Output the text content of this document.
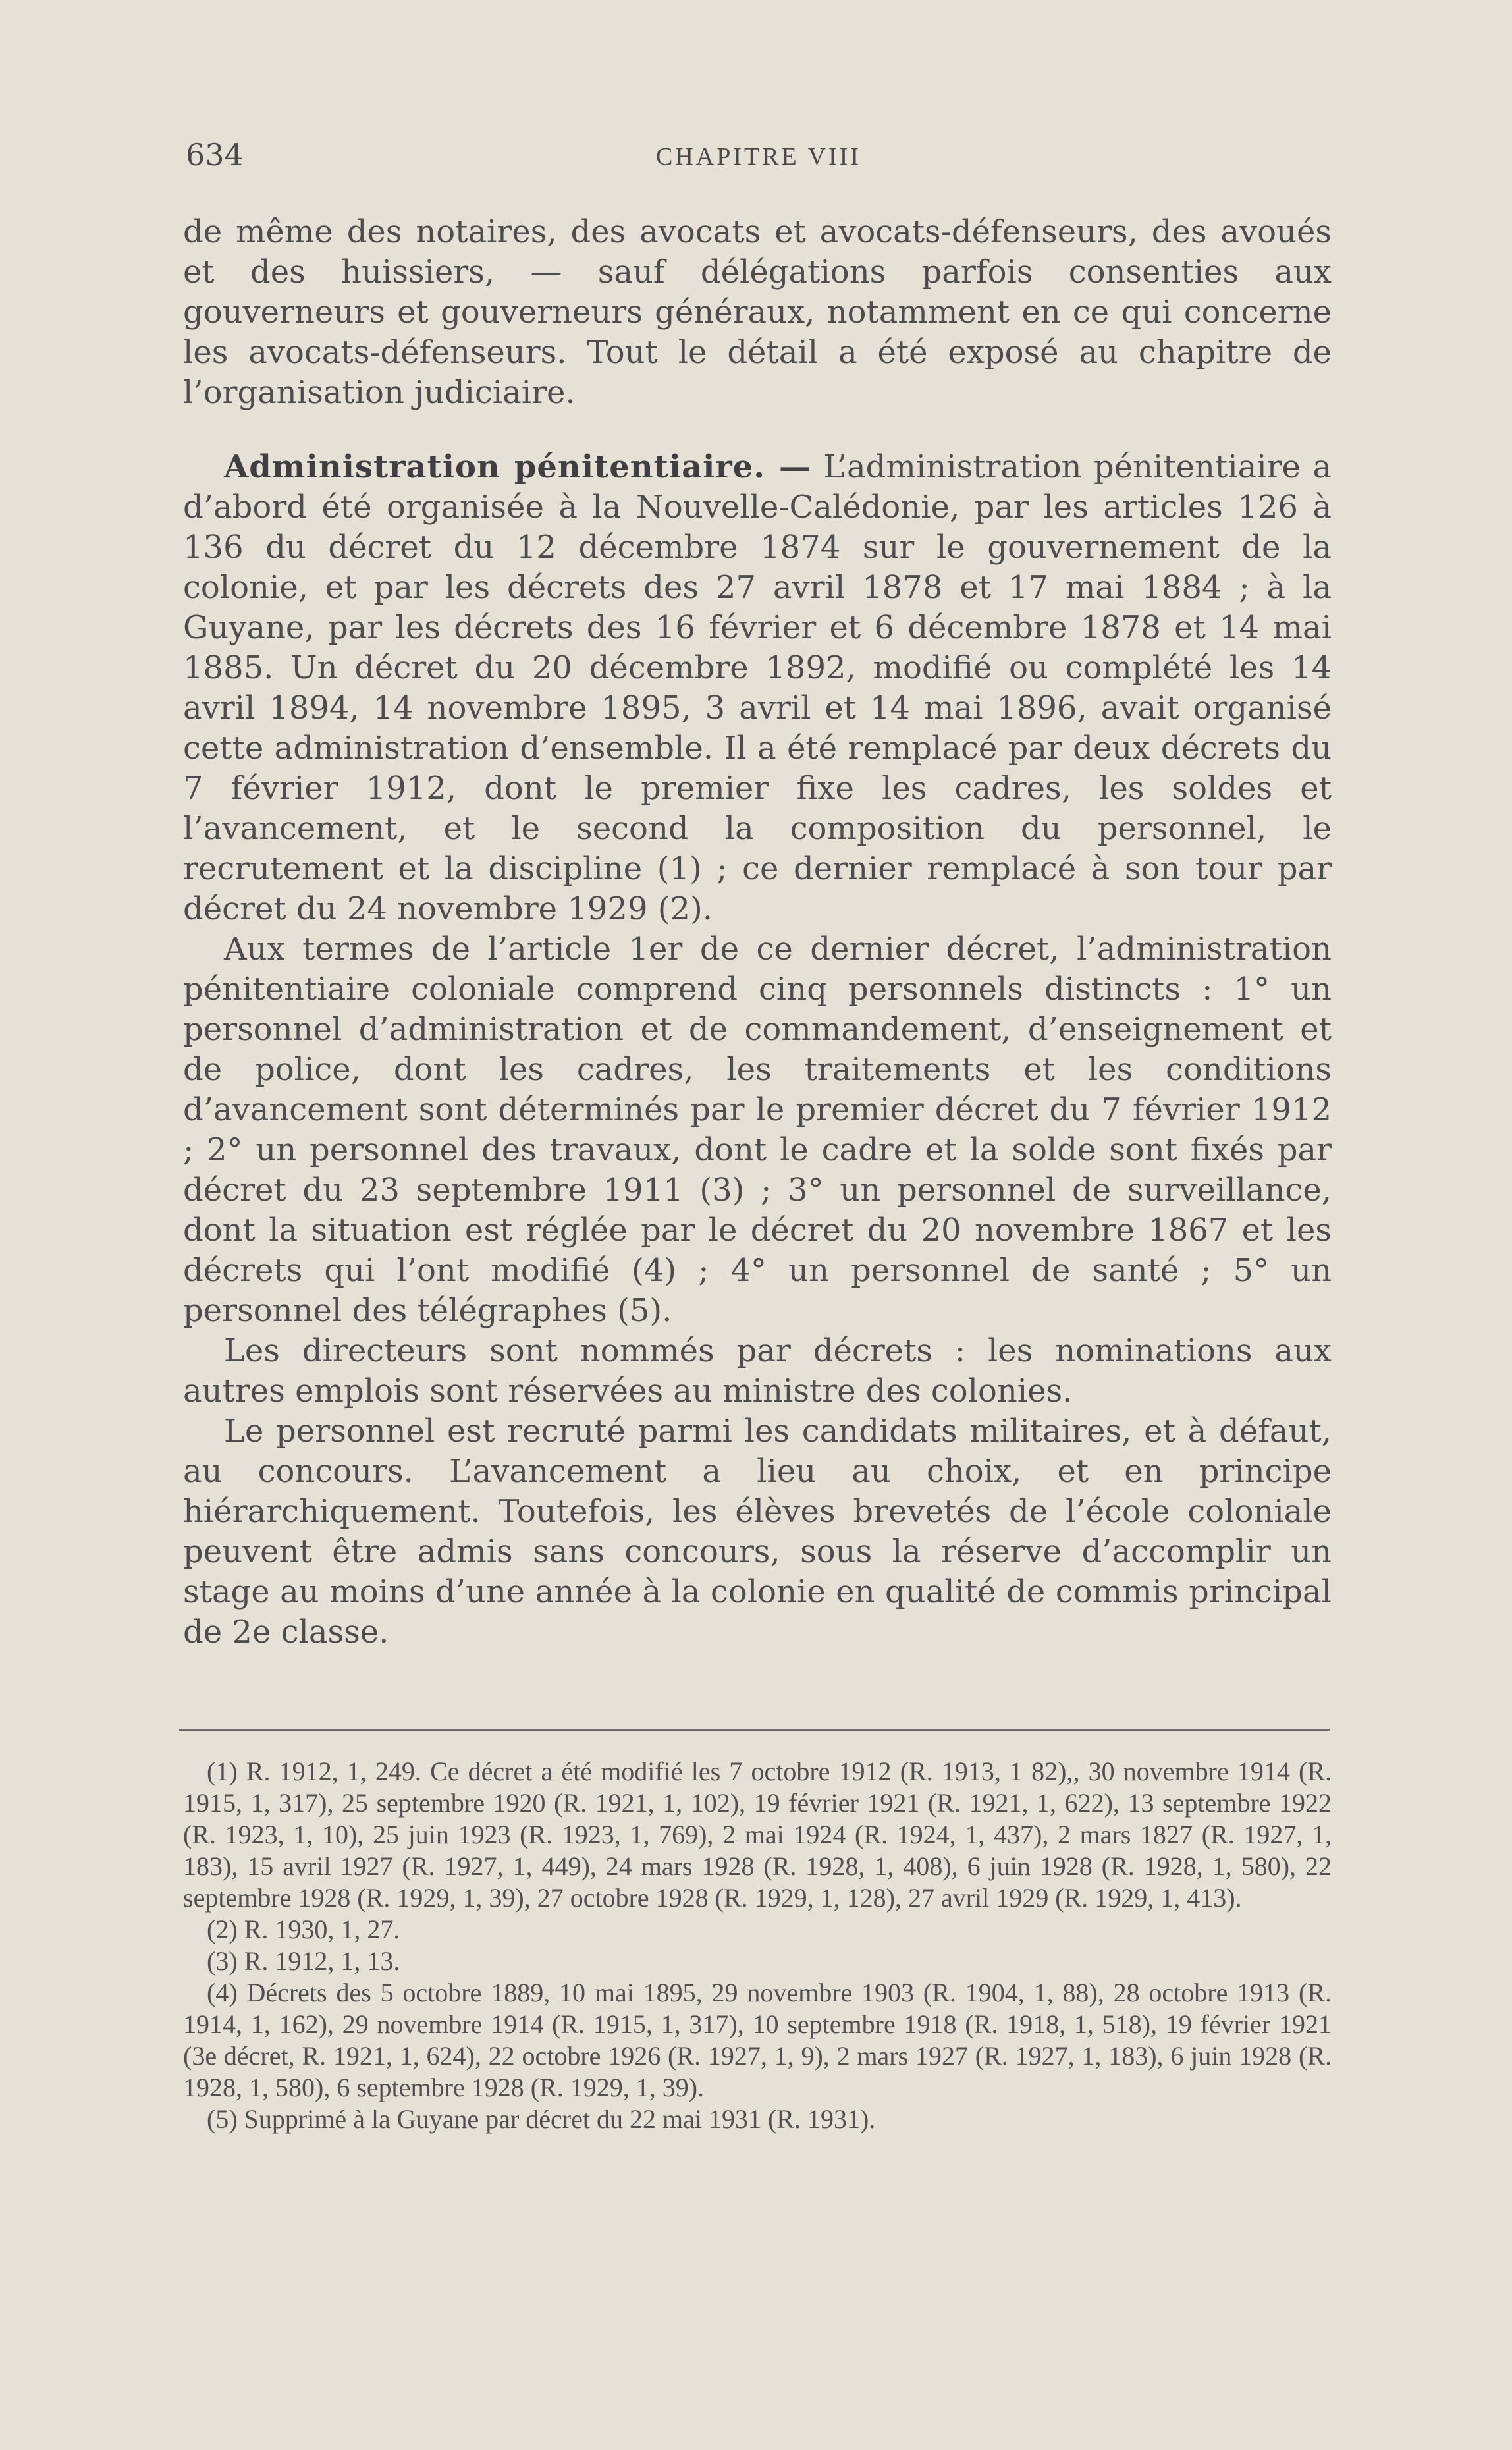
634	CHAPITRE VIII

de même des notaires, des avocats et avocats-défenseurs, des avoués et des huissiers, — sauf délégations parfois consenties aux gouverneurs et gouverneurs généraux, notamment en ce qui concerne les avocats-défenseurs. Tout le détail a été exposé au chapitre de l’organisation judiciaire.

Administration pénitentiaire. — L’administration pénitentiaire a d’abord été organisée à la Nouvelle-Calédonie, par les articles 126 à 136 du décret du 12 décembre 1874 sur le gouvernement de la colonie, et par les décrets des 27 avril 1878 et 17 mai 1884 ; à la Guyane, par les décrets des 16 février et 6 décembre 1878 et 14 mai 1885. Un décret du 20 décembre 1892, modifié ou complété les 14 avril 1894, 14 novembre 1895, 3 avril et 14 mai 1896, avait organisé cette administration d’ensemble. Il a été remplacé par deux décrets du 7 février 1912, dont le premier fixe les cadres, les soldes et l’avancement, et le second la composition du personnel, le recrutement et la discipline (1) ; ce dernier remplacé à son tour par décret du 24 novembre 1929 (2).

Aux termes de l’article 1er de ce dernier décret, l’administration pénitentiaire coloniale comprend cinq personnels distincts : 1° un personnel d’administration et de commandement, d’enseignement et de police, dont les cadres, les traitements et les conditions d’avancement sont déterminés par le premier décret du 7 février 1912 ; 2° un personnel des travaux, dont le cadre et la solde sont fixés par décret du 23 septembre 1911 (3) ; 3° un personnel de surveillance, dont la situation est réglée par le décret du 20 novembre 1867 et les décrets qui l’ont modifié (4) ; 4° un personnel de santé ; 5° un personnel des télégraphes (5).

Les directeurs sont nommés par décrets : les nominations aux autres emplois sont réservées au ministre des colonies.

Le personnel est recruté parmi les candidats militaires, et à défaut, au concours. L’avancement a lieu au choix, et en principe hiérarchiquement. Toutefois, les élèves brevetés de l’école coloniale peuvent être admis sans concours, sous la réserve d’accomplir un stage au moins d’une année à la colonie en qualité de commis principal de 2e classe.

(1) R. 1912, 1, 249. Ce décret a été modifié les 7 octobre 1912 (R. 1913, 1 82),, 30 novembre 1914 (R. 1915, 1, 317), 25 septembre 1920 (R. 1921, 1, 102), 19 février 1921 (R. 1921, 1, 622), 13 septembre 1922 (R. 1923, 1, 10), 25 juin 1923 (R. 1923, 1, 769), 2 mai 1924 (R. 1924, 1, 437), 2 mars 1827 (R. 1927, 1, 183), 15 avril 1927 (R. 1927, 1, 449), 24 mars 1928 (R. 1928, 1, 408), 6 juin 1928 (R. 1928, 1, 580), 22 septembre 1928 (R. 1929, 1, 39), 27 octobre 1928 (R. 1929, 1, 128), 27 avril 1929 (R. 1929, 1, 413).

(2) R. 1930, 1, 27.

(3) R. 1912, 1, 13.

(4) Décrets des 5 octobre 1889, 10 mai 1895, 29 novembre 1903 (R. 1904, 1, 88), 28 octobre 1913 (R. 1914, 1, 162), 29 novembre 1914 (R. 1915, 1, 317), 10 septembre 1918 (R. 1918, 1, 518), 19 février 1921 (3e décret, R. 1921, 1, 624), 22 octobre 1926 (R. 1927, 1, 9), 2 mars 1927 (R. 1927, 1, 183), 6 juin 1928 (R. 1928, 1, 580), 6 septembre 1928 (R. 1929, 1, 39).

(5) Supprimé à la Guyane par décret du 22 mai 1931 (R. 1931).
